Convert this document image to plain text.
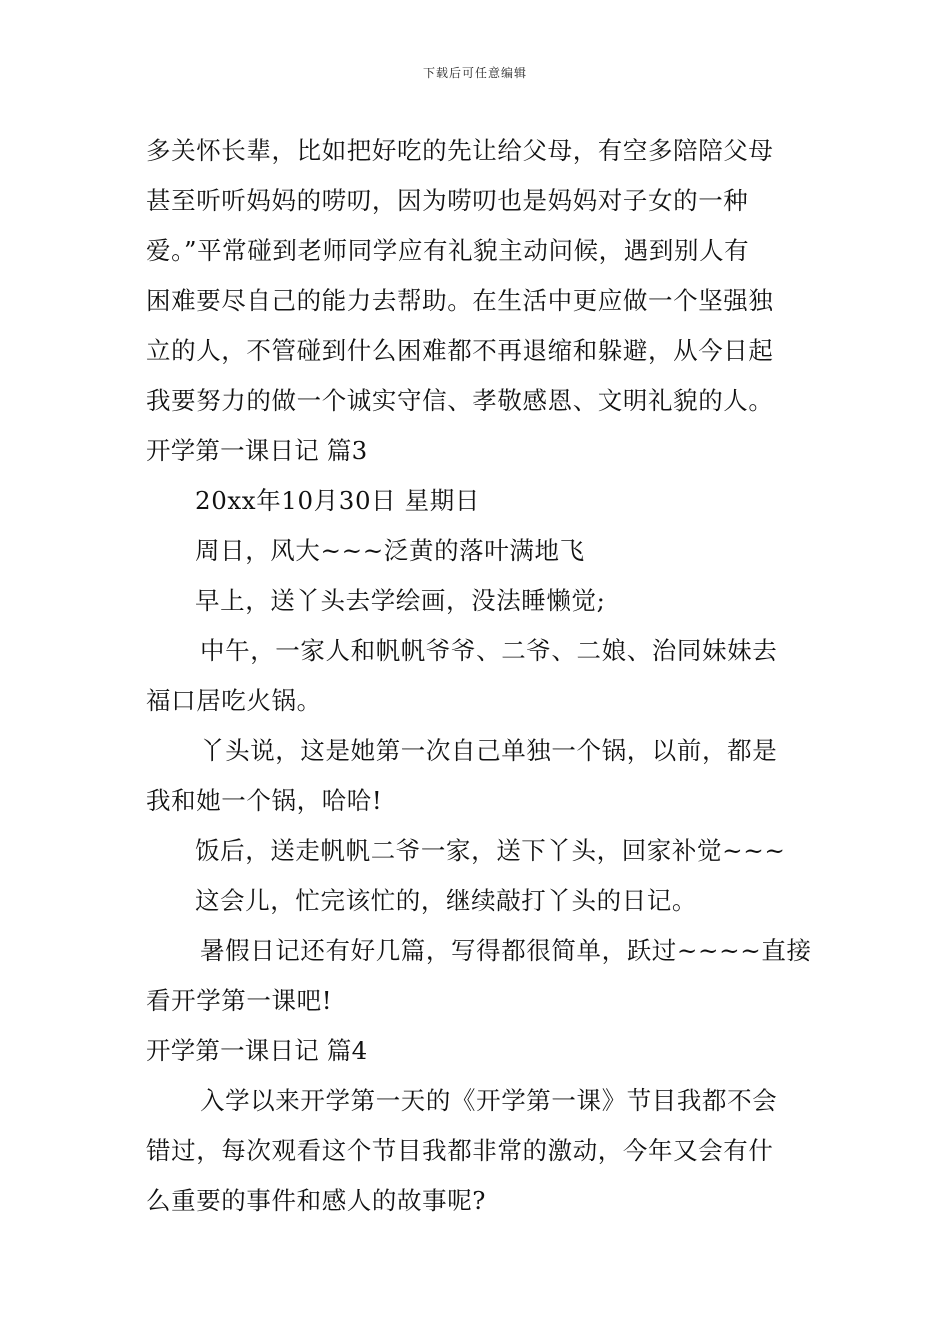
下载后可任意编辑
多关怀长辈，比如把好吃的先让给父母，有空多陪陪父母
甚至听听妈妈的唠叨，因为唠叨也是妈妈对子女的一种
爱。”平常碰到老师同学应有礼貌主动问候，遇到别人有
困难要尽自己的能力去帮助。在生活中更应做一个坚强独
立的人，不管碰到什么困难都不再退缩和躲避，从今日起
我要努力的做一个诚实守信、孝敬感恩、文明礼貌的人。
开学第一课日记 篇3
20xx年10月30日 星期日
周日，风大~~~泛黄的落叶满地飞
早上，送丫头去学绘画，没法睡懒觉;
中午，一家人和帆帆爷爷、二爷、二娘、治同妹妹去
福口居吃火锅。
丫头说，这是她第一次自己单独一个锅，以前，都是
我和她一个锅，哈哈!
饭后，送走帆帆二爷一家，送下丫头，回家补觉~~~
这会儿，忙完该忙的，继续敲打丫头的日记。
暑假日记还有好几篇，写得都很简单，跃过~~~~直接
看开学第一课吧!
开学第一课日记 篇4
入学以来开学第一天的《开学第一课》节目我都不会
错过，每次观看这个节目我都非常的激动，今年又会有什
么重要的事件和感人的故事呢?
